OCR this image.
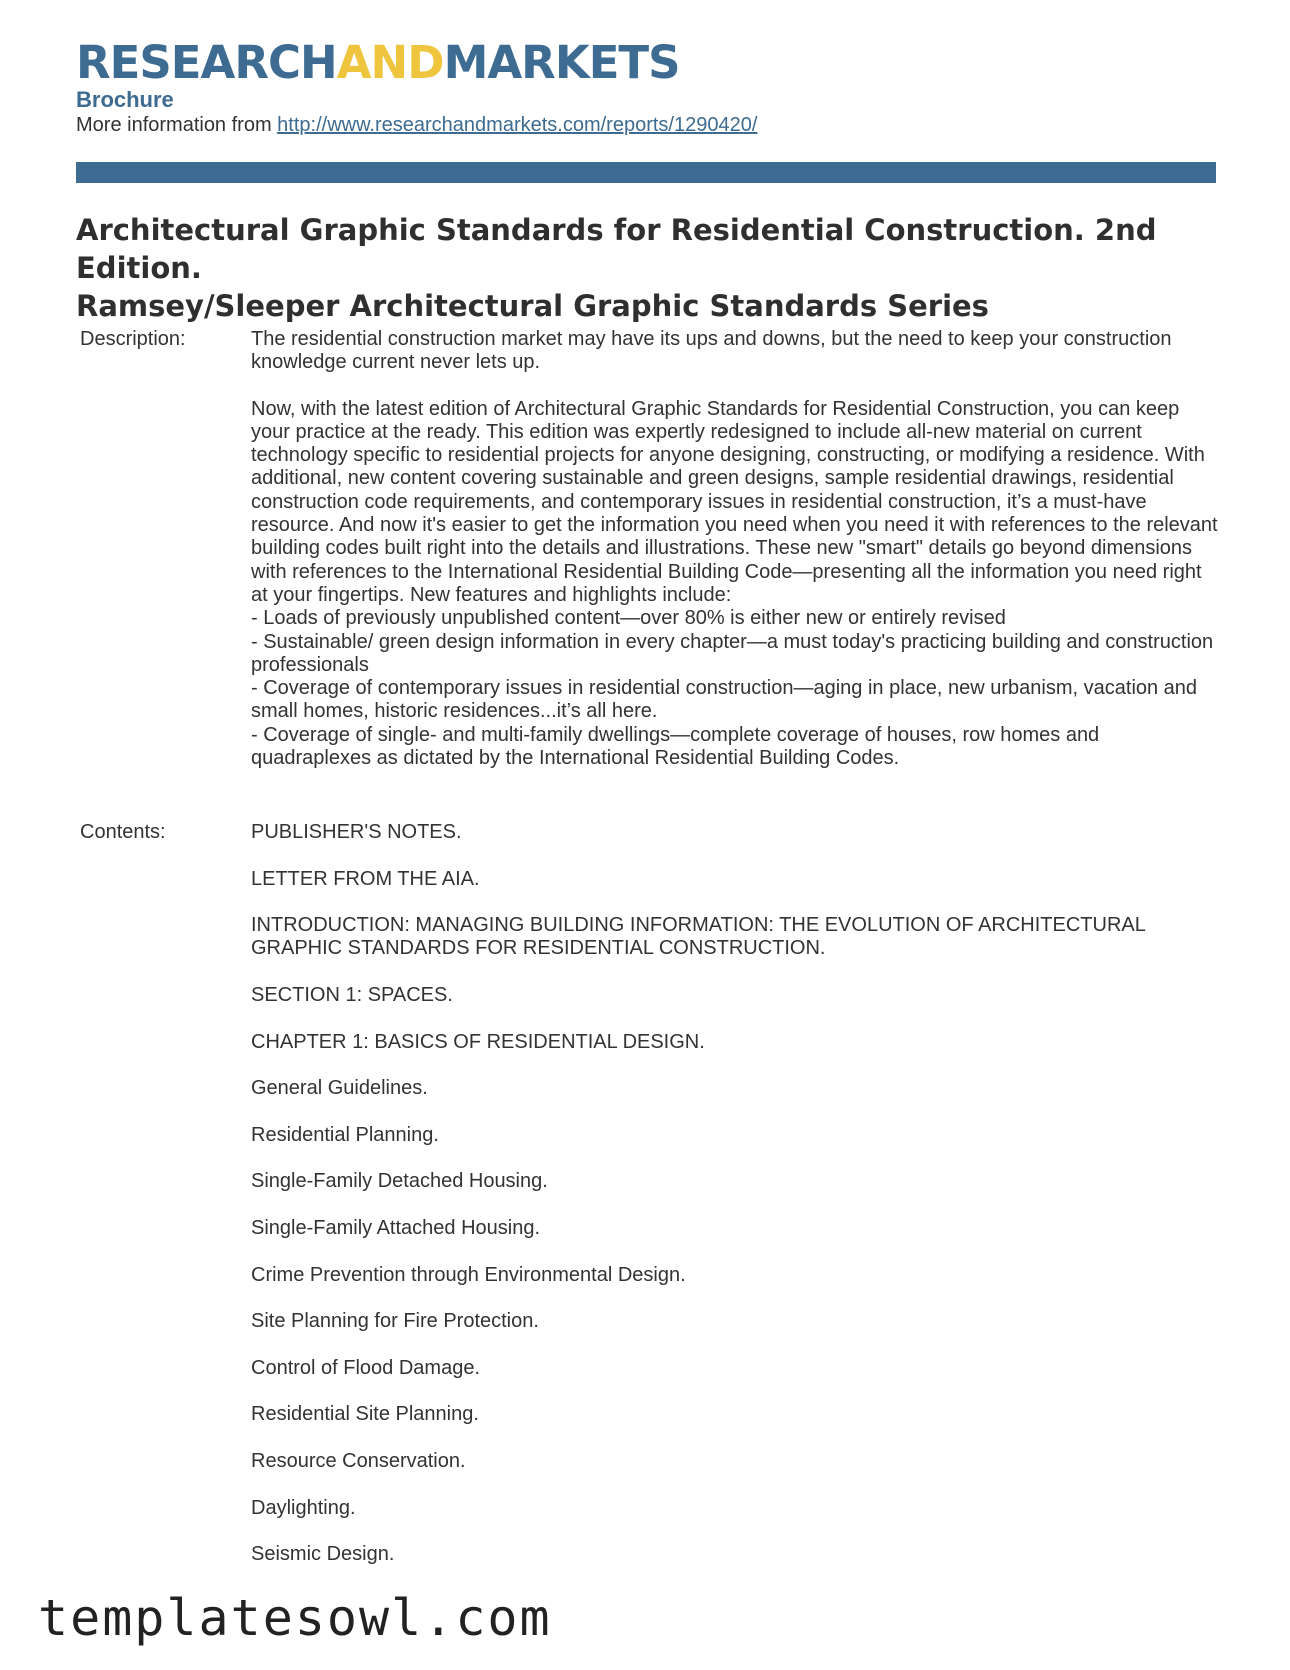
RESEARCHANDMARKETS
Brochure
More information from http://www.researchandmarkets.com/reports/1290420/
Architectural Graphic Standards for Residential Construction. 2nd Edition.
Ramsey/Sleeper Architectural Graphic Standards Series
Description:	The residential construction market may have its ups and downs, but the need to keep your construction knowledge current never lets up.

Now, with the latest edition of Architectural Graphic Standards for Residential Construction, you can keep your practice at the ready. This edition was expertly redesigned to include all-new material on current technology specific to residential projects for anyone designing, constructing, or modifying a residence. With additional, new content covering sustainable and green designs, sample residential drawings, residential construction code requirements, and contemporary issues in residential construction, it’s a must-have resource. And now it's easier to get the information you need when you need it with references to the relevant building codes built right into the details and illustrations. These new "smart" details go beyond dimensions with references to the International Residential Building Code—presenting all the information you need right at your fingertips. New features and highlights include:
- Loads of previously unpublished content—over 80% is either new or entirely revised
- Sustainable/ green design information in every chapter—a must today's practicing building and construction professionals
- Coverage of contemporary issues in residential construction—aging in place, new urbanism, vacation and small homes, historic residences...it’s all here.
- Coverage of single- and multi-family dwellings—complete coverage of houses, row homes and quadraplexes as dictated by the International Residential Building Codes.

Contents:	PUBLISHER'S NOTES.
LETTER FROM THE AIA.
INTRODUCTION: MANAGING BUILDING INFORMATION: THE EVOLUTION OF ARCHITECTURAL GRAPHIC STANDARDS FOR RESIDENTIAL CONSTRUCTION.
SECTION 1: SPACES.
CHAPTER 1: BASICS OF RESIDENTIAL DESIGN.
General Guidelines.
Residential Planning.
Single-Family Detached Housing.
Single-Family Attached Housing.
Crime Prevention through Environmental Design.
Site Planning for Fire Protection.
Control of Flood Damage.
Residential Site Planning.
Resource Conservation.
Daylighting.
Seismic Design.
templatesowl.com
